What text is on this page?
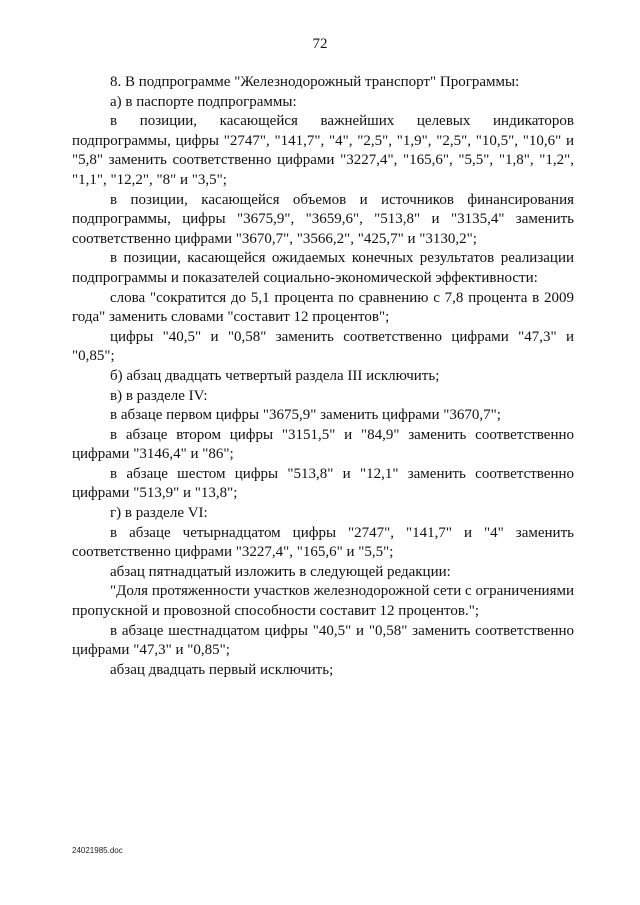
72

8. В подпрограмме "Железнодорожный транспорт" Программы:

а) в паспорте подпрограммы:

в позиции, касающейся важнейших целевых индикаторов подпрограммы, цифры "2747", "141,7", "4", "2,5", "1,9", "2,5", "10,5", "10,6" и "5,8" заменить соответственно цифрами "3227,4", "165,6", "5,5", "1,8", "1,2", "1,1", "12,2", "8" и "3,5";

в позиции, касающейся объемов и источников финансирования подпрограммы, цифры "3675,9", "3659,6", "513,8" и "3135,4" заменить соответственно цифрами "3670,7", "3566,2", "425,7" и "3130,2";

в позиции, касающейся ожидаемых конечных результатов реализации подпрограммы и показателей социально-экономической эффективности:

слова "сократится до 5,1 процента по сравнению с 7,8 процента в 2009 года" заменить словами "составит 12 процентов";

цифры "40,5" и "0,58" заменить соответственно цифрами "47,3" и "0,85";

б) абзац двадцать четвертый раздела III исключить;

в) в разделе IV:

в абзаце первом цифры "3675,9" заменить цифрами "3670,7";

в абзаце втором цифры "3151,5" и "84,9" заменить соответственно цифрами "3146,4" и "86";

в абзаце шестом цифры "513,8" и "12,1" заменить соответственно цифрами "513,9" и "13,8";

г) в разделе VI:

в абзаце четырнадцатом цифры "2747", "141,7" и "4" заменить соответственно цифрами "3227,4", "165,6" и "5,5";

абзац пятнадцатый изложить в следующей редакции:

"Доля протяженности участков железнодорожной сети с ограничениями пропускной и провозной способности составит 12 процентов.";

в абзаце шестнадцатом цифры "40,5" и "0,58" заменить соответственно цифрами "47,3" и "0,85";

абзац двадцать первый исключить;

24021985.doc
